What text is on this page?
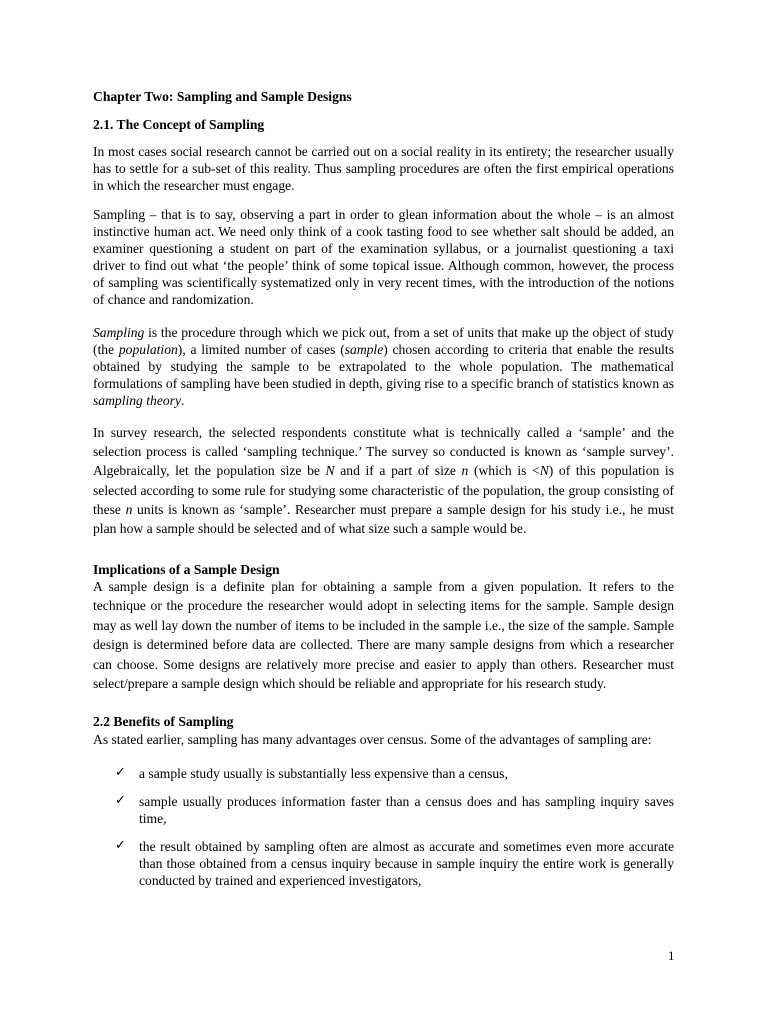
Chapter Two: Sampling and Sample Designs

2.1. The Concept of Sampling

In most cases social research cannot be carried out on a social reality in its entirety; the researcher usually has to settle for a sub-set of this reality. Thus sampling procedures are often the first empirical operations in which the researcher must engage.

Sampling – that is to say, observing a part in order to glean information about the whole – is an almost instinctive human act. We need only think of a cook tasting food to see whether salt should be added, an examiner questioning a student on part of the examination syllabus, or a journalist questioning a taxi driver to find out what ‘the people’ think of some topical issue. Although common, however, the process of sampling was scientifically systematized only in very recent times, with the introduction of the notions of chance and randomization.

Sampling is the procedure through which we pick out, from a set of units that make up the object of study (the population), a limited number of cases (sample) chosen according to criteria that enable the results obtained by studying the sample to be extrapolated to the whole population. The mathematical formulations of sampling have been studied in depth, giving rise to a specific branch of statistics known as sampling theory.

In survey research, the selected respondents constitute what is technically called a ‘sample’ and the selection process is called ‘sampling technique.’ The survey so conducted is known as ‘sample survey’. Algebraically, let the population size be N and if a part of size n (which is <N) of this population is selected according to some rule for studying some characteristic of the population, the group consisting of these n units is known as ‘sample’. Researcher must prepare a sample design for his study i.e., he must plan how a sample should be selected and of what size such a sample would be.

Implications of a Sample Design

A sample design is a definite plan for obtaining a sample from a given population. It refers to the technique or the procedure the researcher would adopt in selecting items for the sample. Sample design may as well lay down the number of items to be included in the sample i.e., the size of the sample. Sample design is determined before data are collected. There are many sample designs from which a researcher can choose. Some designs are relatively more precise and easier to apply than others. Researcher must select/prepare a sample design which should be reliable and appropriate for his research study.

2.2 Benefits of Sampling

As stated earlier, sampling has many advantages over census. Some of the advantages of sampling are:

✓ a sample study usually is substantially less expensive than a census,
✓ sample usually produces information faster than a census does and has sampling inquiry saves time,
✓ the result obtained by sampling often are almost as accurate and sometimes even more accurate than those obtained from a census inquiry because in sample inquiry the entire work is generally conducted by trained and experienced investigators,
1
